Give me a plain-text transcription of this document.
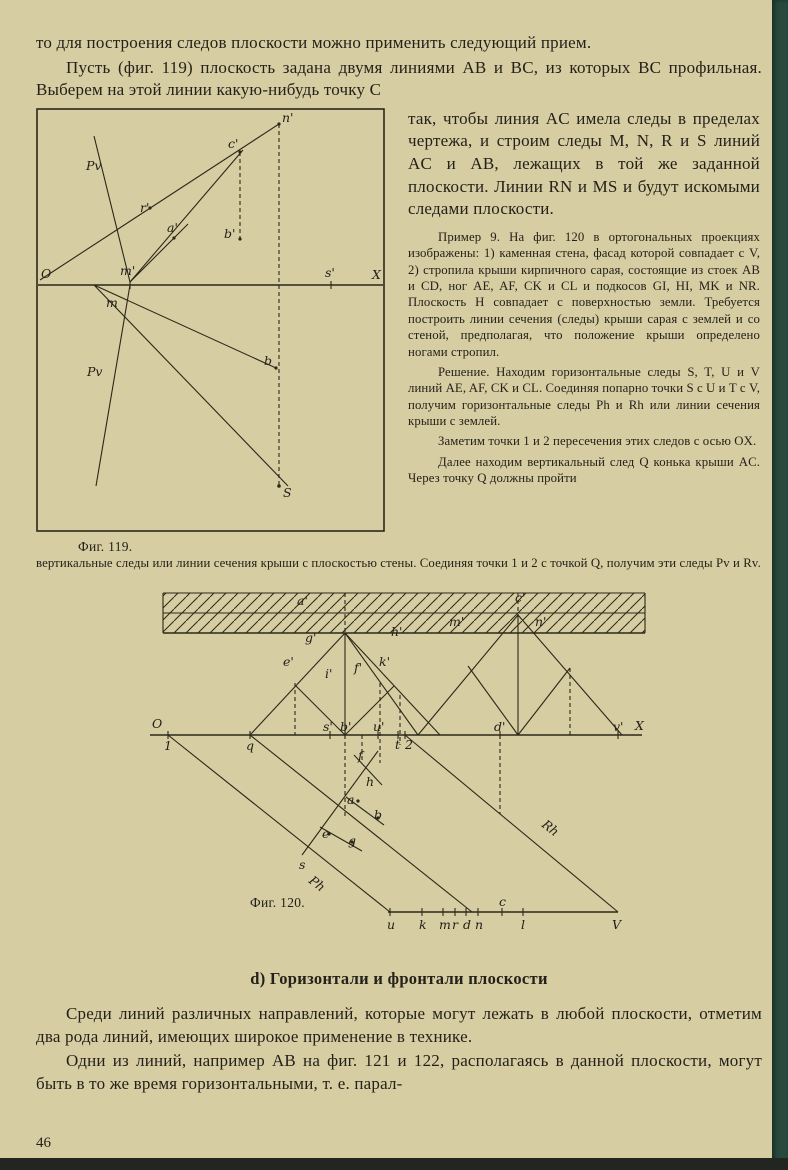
то для построения следов плоскости можно применить следующий прием.

Пусть (фиг. 119) плоскость задана двумя линиями AB и BC, из которых BC профильная. Выберем на этой линии какую-нибудь точку C

n'
Pv
c'
r'
a'	b'
O	m'	s'	X
m
Pv
b
S
Фиг. 119.

так, чтобы линия AC имела следы в пределах чертежа, и строим следы M, N, R и S линий AC и AB, лежащих в той же заданной плоскости. Линии RN и MS и будут искомыми следами плоскости.

Пример 9. На фиг. 120 в ортогональных проекциях изображены: 1) каменная стена, фасад которой совпадает с V, 2) стропила крыши кирпичного сарая, состоящие из стоек AB и CD, ног AE, AF, CK и CL и подкосов GI, HI, MK и NR. Плоскость H совпадает с поверхностью земли. Требуется построить линии сечения (следы) крыши сарая с землей и со стеной, предполагая, что положение крыши определено ногами стропил.

Решение. Находим горизонтальные следы S, T, U и V линий AE, AF, CK и CL. Соединяя попарно точки S с U и T с V, получим горизонтальные следы Ph и Rh или линии сечения крыши с землей.

Заметим точки 1 и 2 пересечения этих следов с осью OX.

Далее находим вертикальный след Q конька крыши AC. Через точку Q должны пройти

вертикальные следы или линии сечения крыши с плоскостью стены. Соединяя точки 1 и 2 с точкой Q, получим эти следы Pv и Rv.

Фиг. 120.
a'	c'
g'	h'
m'	n'
e'
i' f' k'
O	X
1	q
s' b' u'
t 2
d'	v'
f
h
a
b
e g
s
Ph
Rh
c
u k m r d n	l	V
d) Горизонтали и фронтали плоскости

Среди линий различных направлений, которые могут лежать в любой плоскости, отметим два рода линий, имеющих широкое применение в технике.

Одни из линий, например AB на фиг. 121 и 122, располагаясь в данной плоскости, могут быть в то же время горизонтальными, т. е. парал-

46
